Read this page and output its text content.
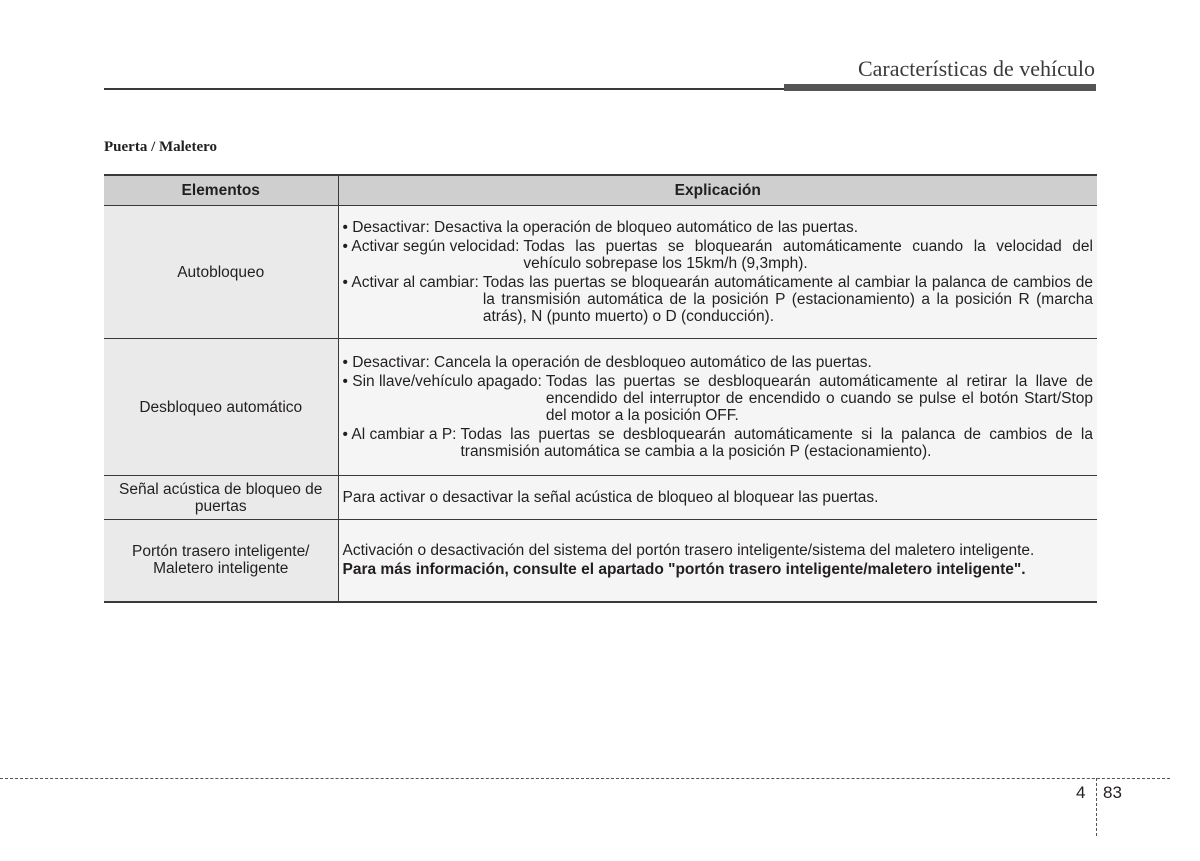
Características de vehículo
Puerta / Maletero
Elementos	Explicación

Autobloqueo	• Desactivar: Desactiva la operación de bloqueo automático de las puertas.

• Activar según velocidad: Todas las puertas se bloquearán automáticamente cuando la velocidad del vehículo sobrepase los 15km/h (9,3mph).
• Activar al cambiar: Todas las puertas se bloquearán automáticamente al cambiar la palanca de cambios de la transmisión automática de la posición P (estacionamiento) a la posición R (marcha atrás), N (punto muerto) o D (conducción).

Desbloqueo automático	• Desactivar: Cancela la operación de desbloqueo automático de las puertas.

• Sin llave/vehículo apagado: Todas las puertas se desbloquearán automáticamente al retirar la llave de encendido del interruptor de encendido o cuando se pulse el botón Start/Stop del motor a la posición OFF.
• Al cambiar a P: Todas las puertas se desbloquearán automáticamente si la palanca de cambios de la transmisión automática se cambia a la posición P (estacionamiento).

Señal acústica de bloqueo de puertas	Para activar o desactivar la señal acústica de bloqueo al bloquear las puertas.

Portón trasero inteligente/ Maletero inteligente	Activación o desactivación del sistema del portón trasero inteligente/sistema del maletero inteligente.

Para más información, consulte el apartado "portón trasero inteligente/maletero inteligente".

4 83
